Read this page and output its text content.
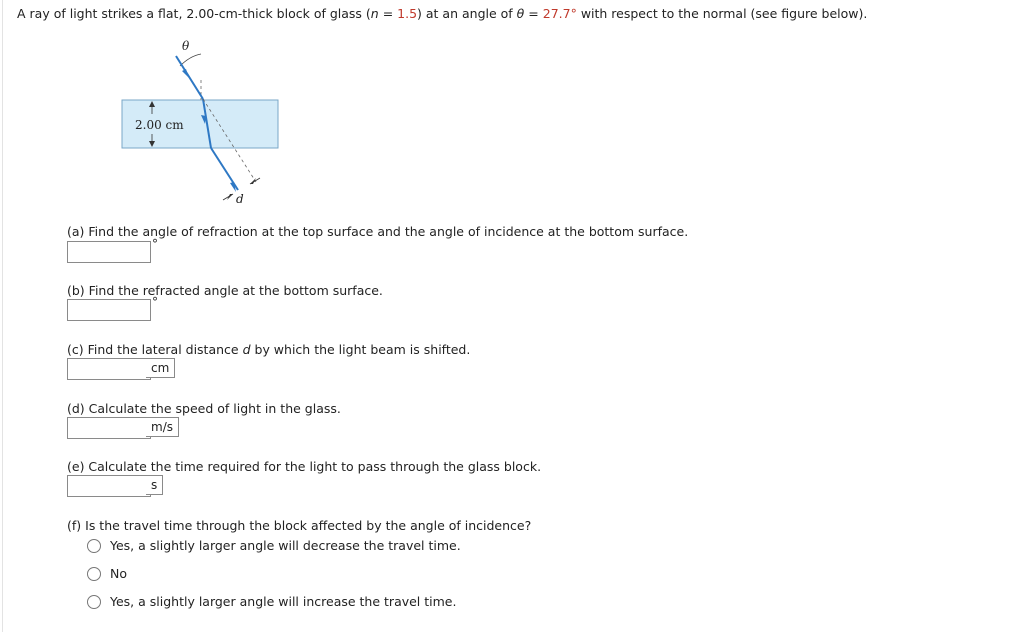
A ray of light strikes a flat, 2.00-cm-thick block of glass (n = 1.5) at an angle of θ = 27.7° with respect to the normal (see figure below).
θ
2.00 cm
d
(a) Find the angle of refraction at the top surface and the angle of incidence at the bottom surface.
°
(b) Find the refracted angle at the bottom surface.
°
(c) Find the lateral distance d by which the light beam is shifted.
cm
(d) Calculate the speed of light in the glass.
m/s
(e) Calculate the time required for the light to pass through the glass block.
s
(f) Is the travel time through the block affected by the angle of incidence?
Yes, a slightly larger angle will decrease the travel time.
No
Yes, a slightly larger angle will increase the travel time.
